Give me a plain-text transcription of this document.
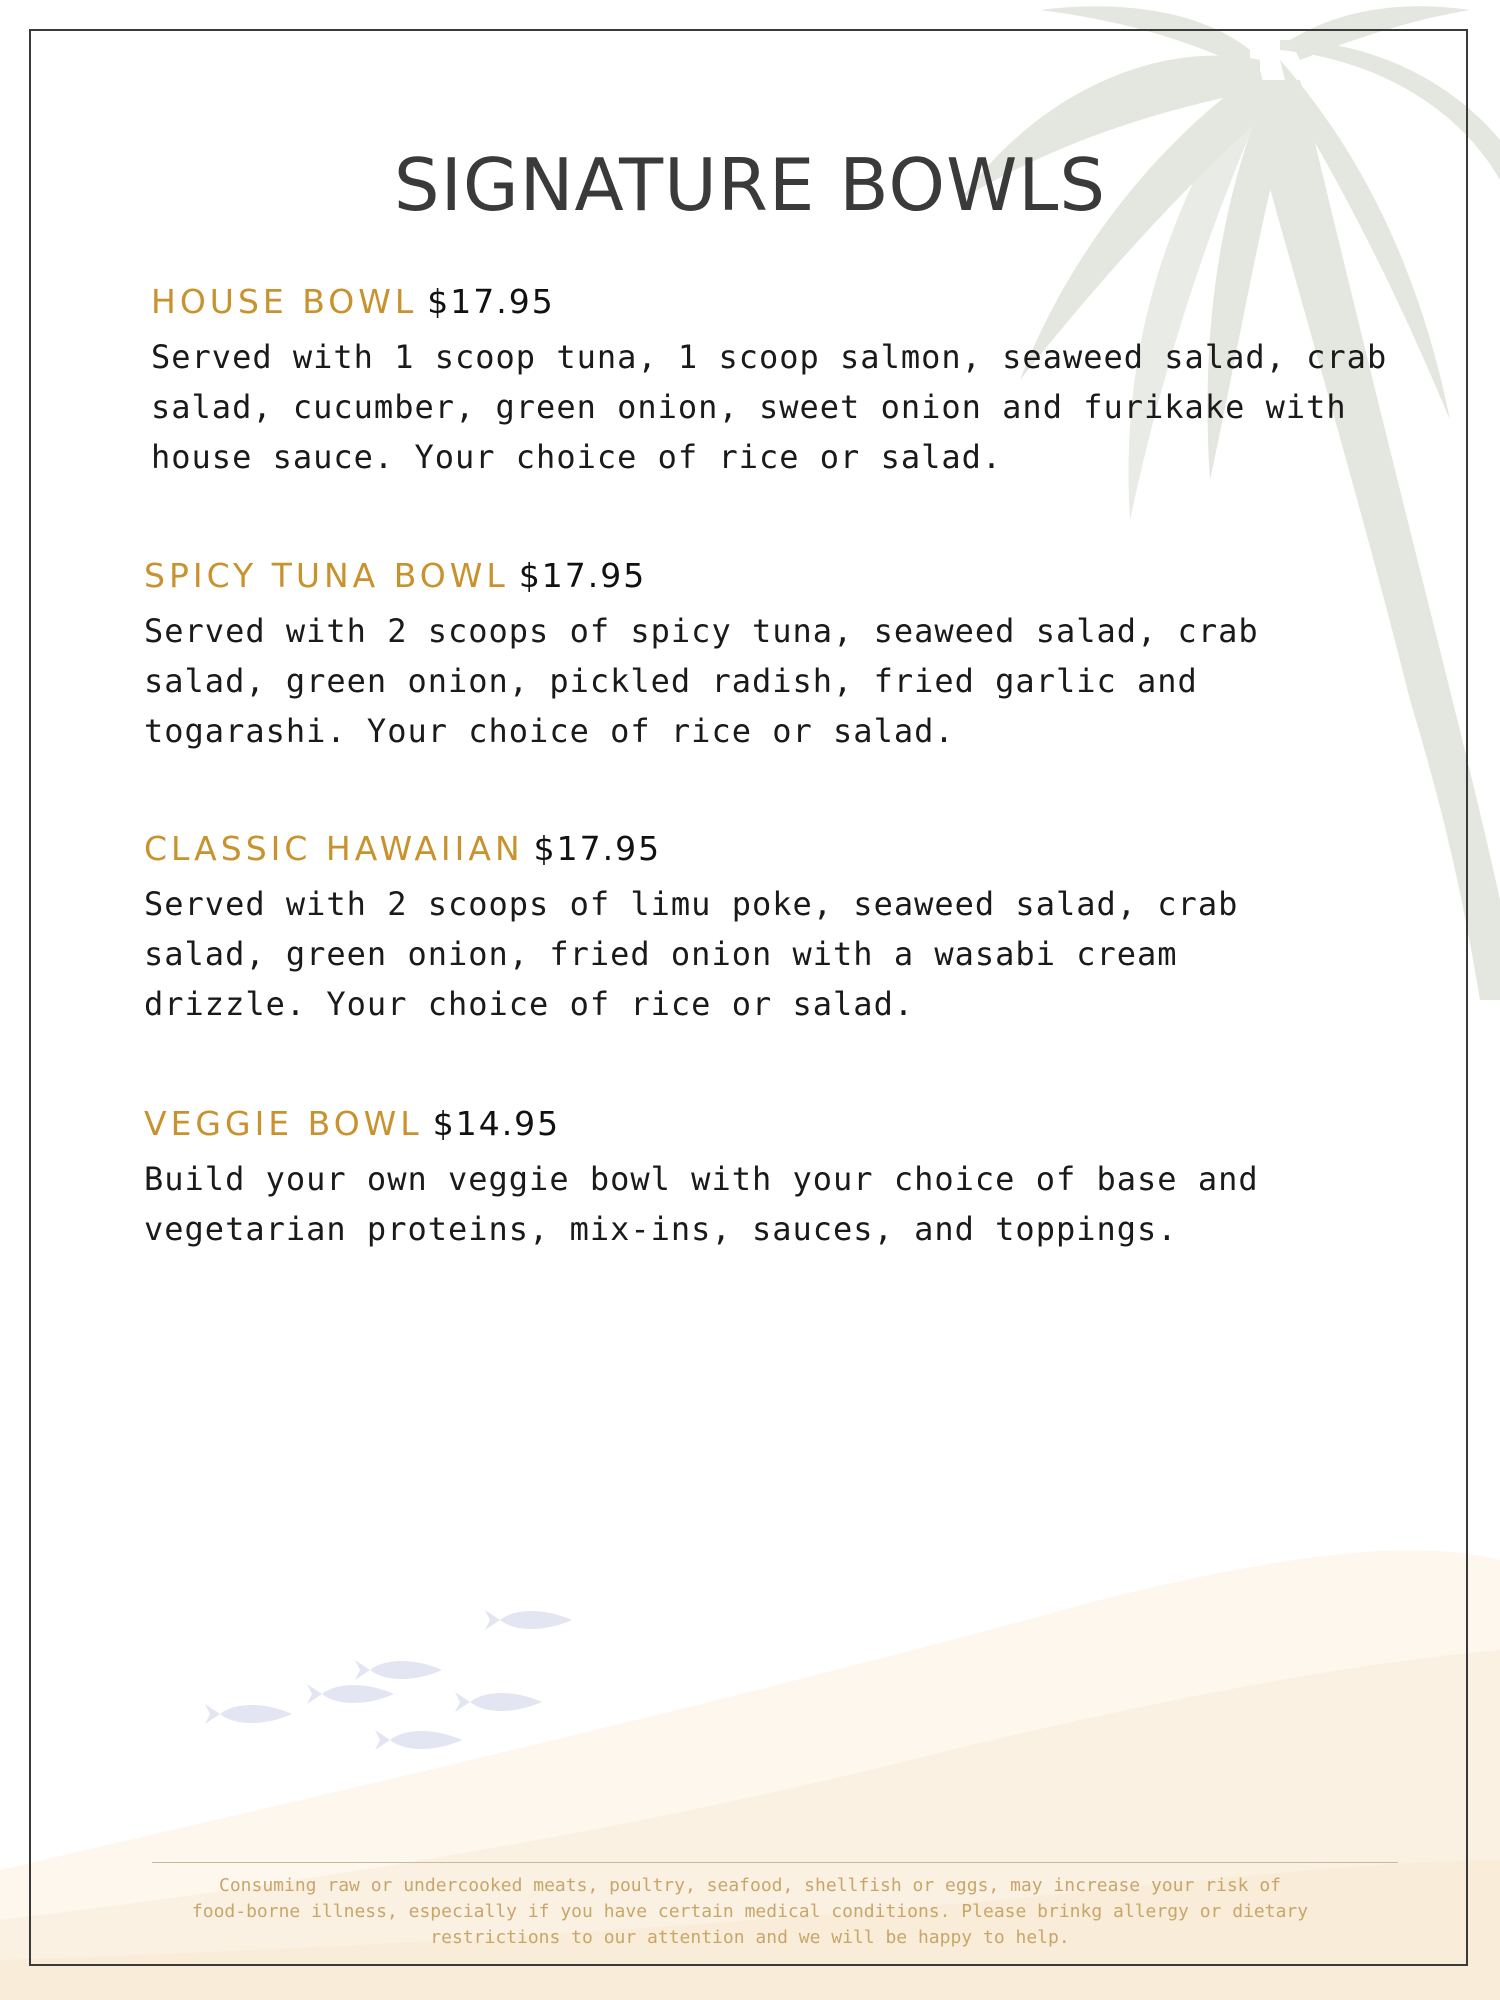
SIGNATURE BOWLS
HOUSE BOWL $17.95
Served with 1 scoop tuna, 1 scoop salmon, seaweed salad, crab
salad, cucumber, green onion, sweet onion and furikake with
house sauce. Your choice of rice or salad.
SPICY TUNA BOWL $17.95
Served with 2 scoops of spicy tuna, seaweed salad, crab
salad, green onion, pickled radish, fried garlic and
togarashi. Your choice of rice or salad.
CLASSIC HAWAIIAN $17.95
Served with 2 scoops of limu poke, seaweed salad, crab
salad, green onion, fried onion with a wasabi cream
drizzle. Your choice of rice or salad.
VEGGIE BOWL $14.95
Build your own veggie bowl with your choice of base and
vegetarian proteins, mix-ins, sauces, and toppings.
Consuming raw or undercooked meats, poultry, seafood, shellfish or eggs, may increase your risk of
food-borne illness, especially if you have certain medical conditions. Please brinkg allergy or dietary
restrictions to our attention and we will be happy to help.
